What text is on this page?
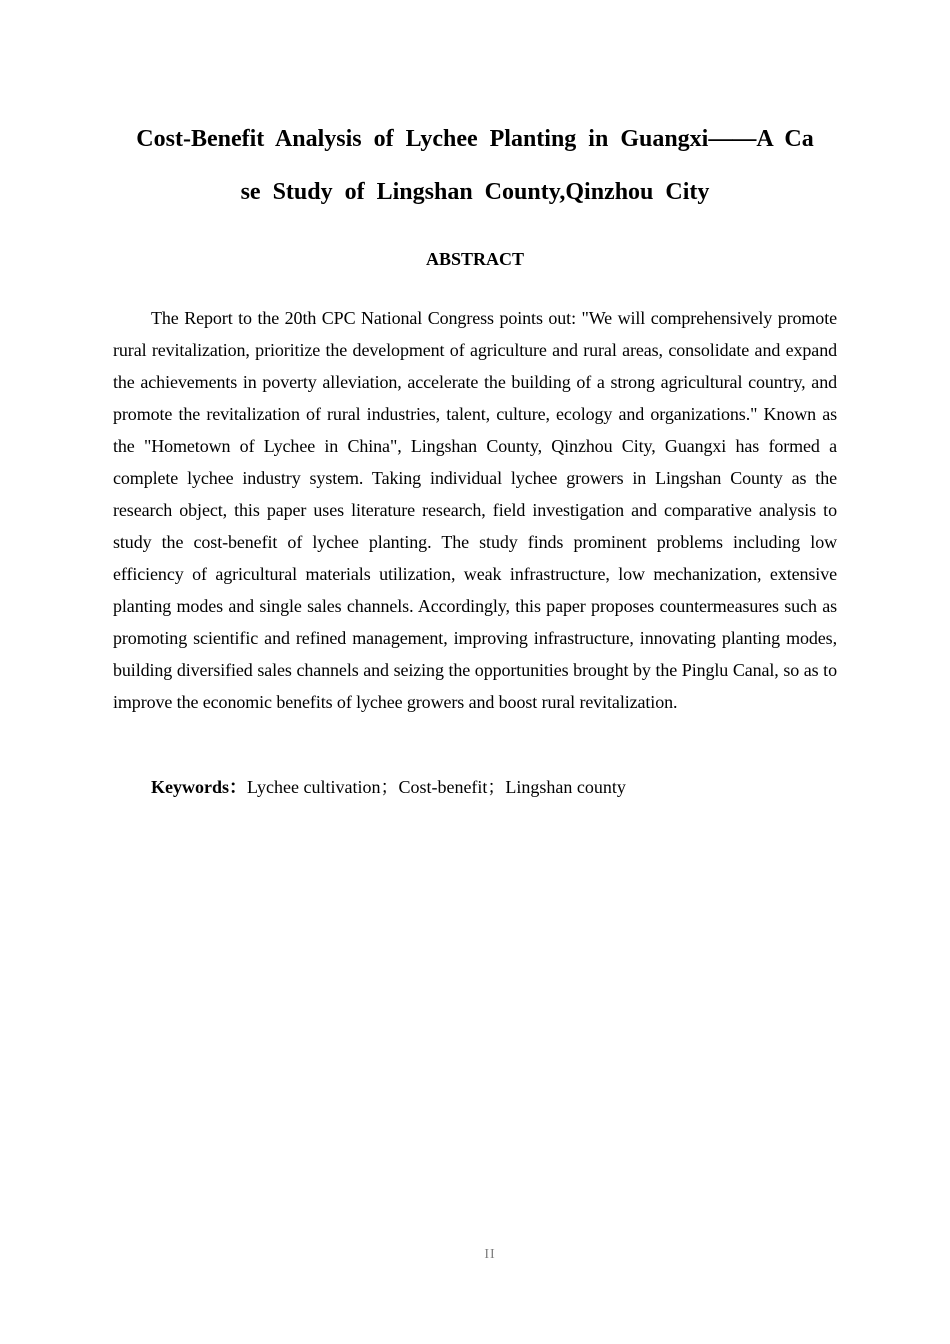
Cost-Benefit Analysis of Lychee Planting in Guangxi——A Ca
se Study of Lingshan County,Qinzhou City
ABSTRACT

The Report to the 20th CPC National Congress points out: "We will comprehensively promote rural revitalization, prioritize the development of agriculture and rural areas, consolidate and expand the achievements in poverty alleviation, accelerate the building of a strong agricultural country, and promote the revitalization of rural industries, talent, culture, ecology and organizations." Known as the "Hometown of Lychee in China", Lingshan County, Qinzhou City, Guangxi has formed a complete lychee industry system. Taking individual lychee growers in Lingshan County as the research object, this paper uses literature research, field investigation and comparative analysis to study the cost-benefit of lychee planting. The study finds prominent problems including low efficiency of agricultural materials utilization, weak infrastructure, low mechanization, extensive planting modes and single sales channels. Accordingly, this paper proposes countermeasures such as promoting scientific and refined management, improving infrastructure, innovating planting modes, building diversified sales channels and seizing the opportunities brought by the Pinglu Canal, so as to improve the economic benefits of lychee growers and boost rural revitalization.

Keywords：Lychee cultivation；Cost-benefit；Lingshan county

II
